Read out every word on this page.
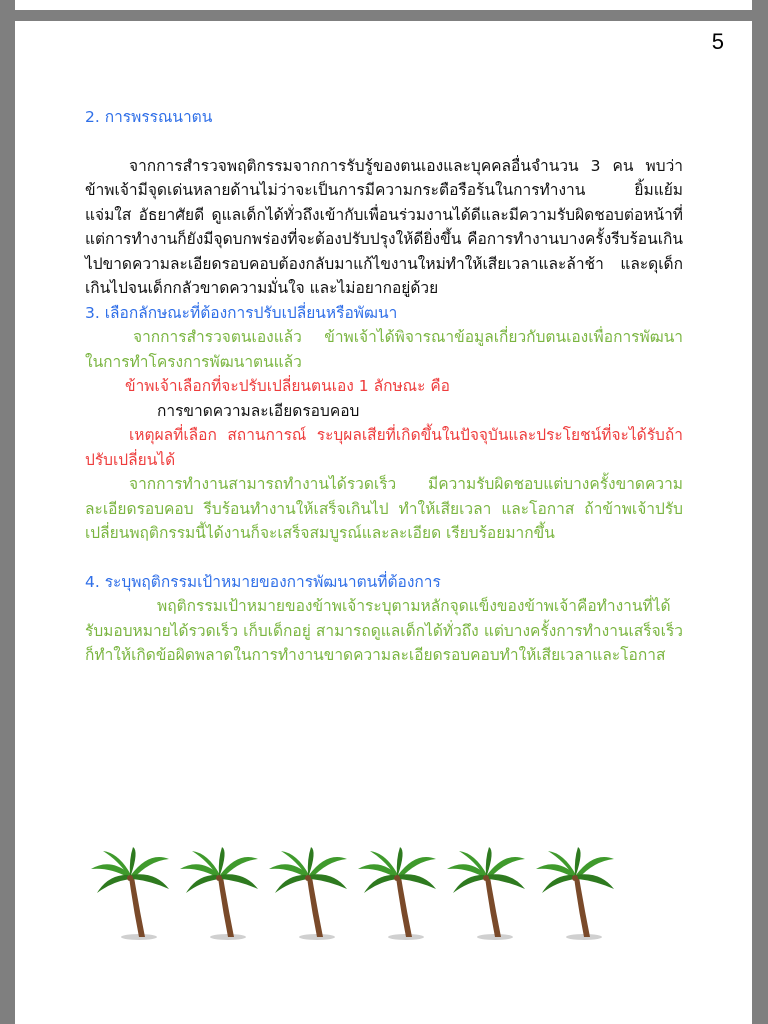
5

2. การพรรณนาตน

จากการสำรวจพฤติกรรมจากการรับรู้ของตนเองและบุคคลอื่นจำนวน 3 คน พบว่าข้าพเจ้ามีจุดเด่นหลายด้านไม่ว่าจะเป็นการมีความกระตือรือร้นในการทำงาน ยิ้มแย้มแจ่มใส อัธยาศัยดี ดูแลเด็กได้ทั่วถึงเข้ากับเพื่อนร่วมงานได้ดีและมีความรับผิดชอบต่อหน้าที่แต่การทำงานก็ยังมีจุดบกพร่องที่จะต้องปรับปรุงให้ดียิ่งขึ้น คือการทำงานบางครั้งรีบร้อนเกินไปขาดความละเอียดรอบคอบต้องกลับมาแก้ไขงานใหม่ทำให้เสียเวลาและล้าช้า และดุเด็กเกินไปจนเด็กกลัวขาดความมั่นใจ และไม่อยากอยู่ด้วย

3. เลือกลักษณะที่ต้องการปรับเปลี่ยนหรือพัฒนา

จากการสำรวจตนเองแล้ว ข้าพเจ้าได้พิจารณาข้อมูลเกี่ยวกับตนเองเพื่อการพัฒนาในการทำโครงการพัฒนาตนแล้ว

ข้าพเจ้าเลือกที่จะปรับเปลี่ยนตนเอง 1 ลักษณะ คือ

การขาดความละเอียดรอบคอบ

เหตุผลที่เลือก สถานการณ์ ระบุผลเสียที่เกิดขึ้นในปัจจุบันและประโยชน์ที่จะได้รับถ้าปรับเปลี่ยนได้

จากการทำงานสามารถทำงานได้รวดเร็ว มีความรับผิดชอบแต่บางครั้งขาดความละเอียดรอบคอบ รีบร้อนทำงานให้เสร็จเกินไป ทำให้เสียเวลา และโอกาส ถ้าข้าพเจ้าปรับเปลี่ยนพฤติกรรมนี้ได้งานก็จะเสร็จสมบูรณ์และละเอียด เรียบร้อยมากขึ้น

4. ระบุพฤติกรรมเป้าหมายของการพัฒนาตนที่ต้องการ

พฤติกรรมเป้าหมายของข้าพเจ้าระบุตามหลักจุดแข็งของข้าพเจ้าคือทำงานที่ได้รับมอบหมายได้รวดเร็ว เก็บเด็กอยู่ สามารถดูแลเด็กได้ทั่วถึง แต่บางครั้งการทำงานเสร็จเร็วก็ทำให้เกิดข้อผิดพลาดในการทำงานขาดความละเอียดรอบคอบทำให้เสียเวลาและโอกาส
